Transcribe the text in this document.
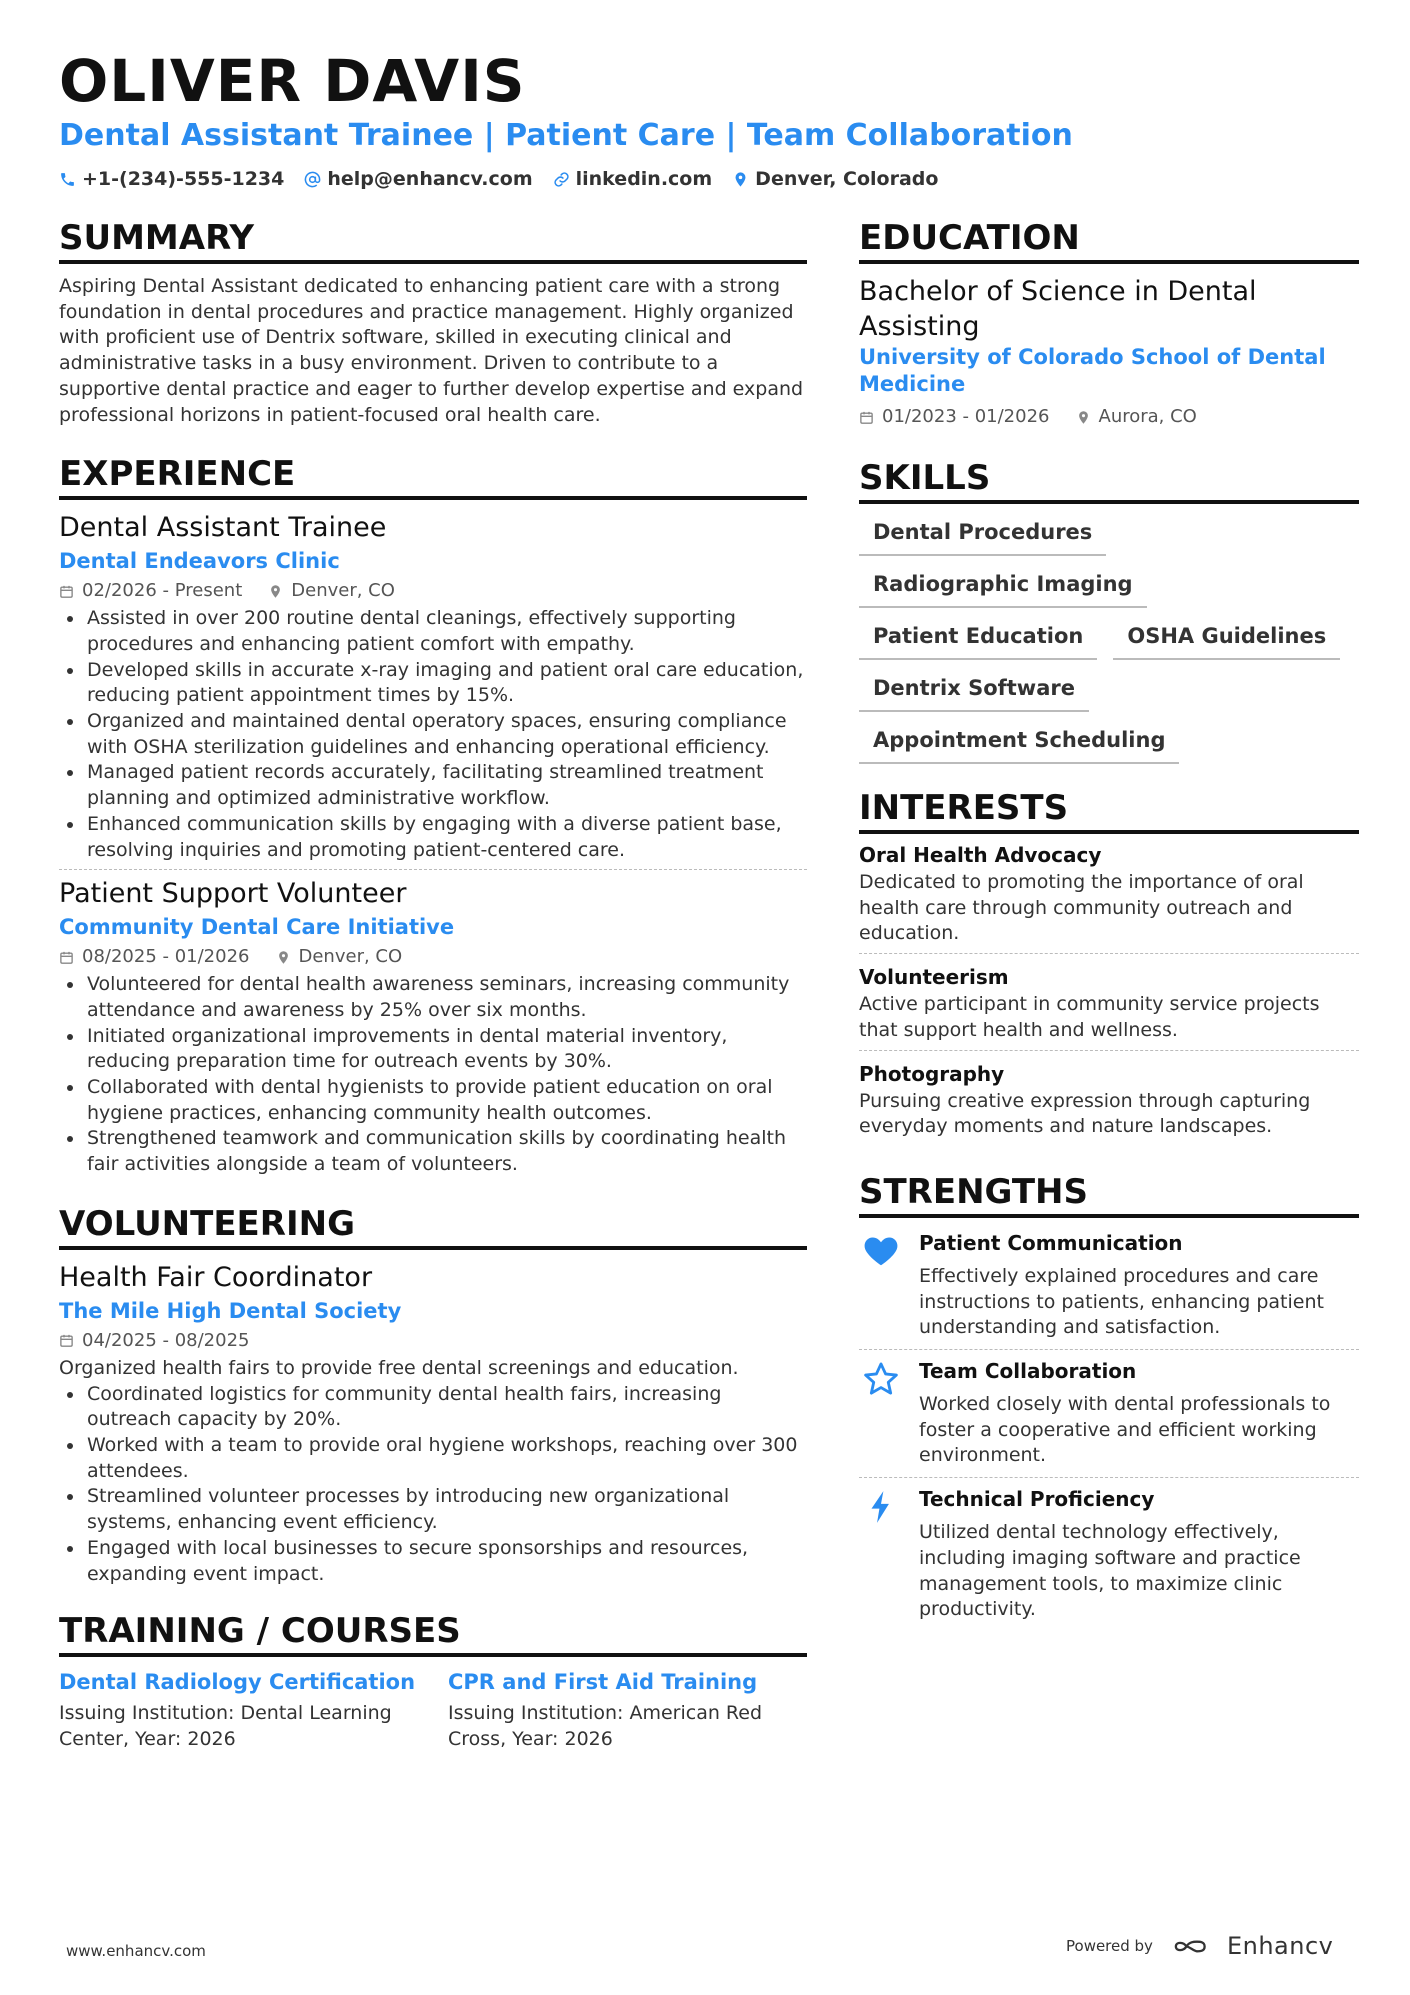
OLIVER DAVIS
Dental Assistant Trainee | Patient Care | Team Collaboration
+1-(234)-555-1234 help@enhancv.com linkedin.com Denver, Colorado
SUMMARY
Aspiring Dental Assistant dedicated to enhancing patient care with a strong foundation in dental procedures and practice management. Highly organized with proficient use of Dentrix software, skilled in executing clinical and administrative tasks in a busy environment. Driven to contribute to a supportive dental practice and eager to further develop expertise and expand professional horizons in patient-focused oral health care.
EXPERIENCE
Dental Assistant Trainee
Dental Endeavors Clinic
02/2026 - Present	Denver, CO
Assisted in over 200 routine dental cleanings, effectively supporting procedures and enhancing patient comfort with empathy.
Developed skills in accurate x-ray imaging and patient oral care education, reducing patient appointment times by 15%.
Organized and maintained dental operatory spaces, ensuring compliance with OSHA sterilization guidelines and enhancing operational efficiency.
Managed patient records accurately, facilitating streamlined treatment planning and optimized administrative workflow.
Enhanced communication skills by engaging with a diverse patient base, resolving inquiries and promoting patient-centered care.
Patient Support Volunteer
Community Dental Care Initiative
08/2025 - 01/2026	Denver, CO
Volunteered for dental health awareness seminars, increasing community attendance and awareness by 25% over six months.
Initiated organizational improvements in dental material inventory, reducing preparation time for outreach events by 30%.
Collaborated with dental hygienists to provide patient education on oral hygiene practices, enhancing community health outcomes.
Strengthened teamwork and communication skills by coordinating health fair activities alongside a team of volunteers.
VOLUNTEERING
Health Fair Coordinator
The Mile High Dental Society
04/2025 - 08/2025
Organized health fairs to provide free dental screenings and education.
Coordinated logistics for community dental health fairs, increasing outreach capacity by 20%.
Worked with a team to provide oral hygiene workshops, reaching over 300 attendees.
Streamlined volunteer processes by introducing new organizational systems, enhancing event efficiency.
Engaged with local businesses to secure sponsorships and resources, expanding event impact.
TRAINING / COURSES
Dental Radiology Certification
Issuing Institution: Dental Learning Center, Year: 2026
CPR and First Aid Training
Issuing Institution: American Red Cross, Year: 2026
EDUCATION
Bachelor of Science in Dental Assisting
University of Colorado School of Dental Medicine
01/2023 - 01/2026	Aurora, CO
SKILLS
Dental Procedures
Radiographic Imaging
Patient Education	OSHA Guidelines
Dentrix Software
Appointment Scheduling
INTERESTS
Oral Health Advocacy
Dedicated to promoting the importance of oral health care through community outreach and education.
Volunteerism
Active participant in community service projects that support health and wellness.
Photography
Pursuing creative expression through capturing everyday moments and nature landscapes.
STRENGTHS
Patient Communication
Effectively explained procedures and care instructions to patients, enhancing patient understanding and satisfaction.
Team Collaboration
Worked closely with dental professionals to foster a cooperative and efficient working environment.
Technical Proficiency
Utilized dental technology effectively, including imaging software and practice management tools, to maximize clinic productivity.
www.enhancv.com	Powered by	Enhancv
